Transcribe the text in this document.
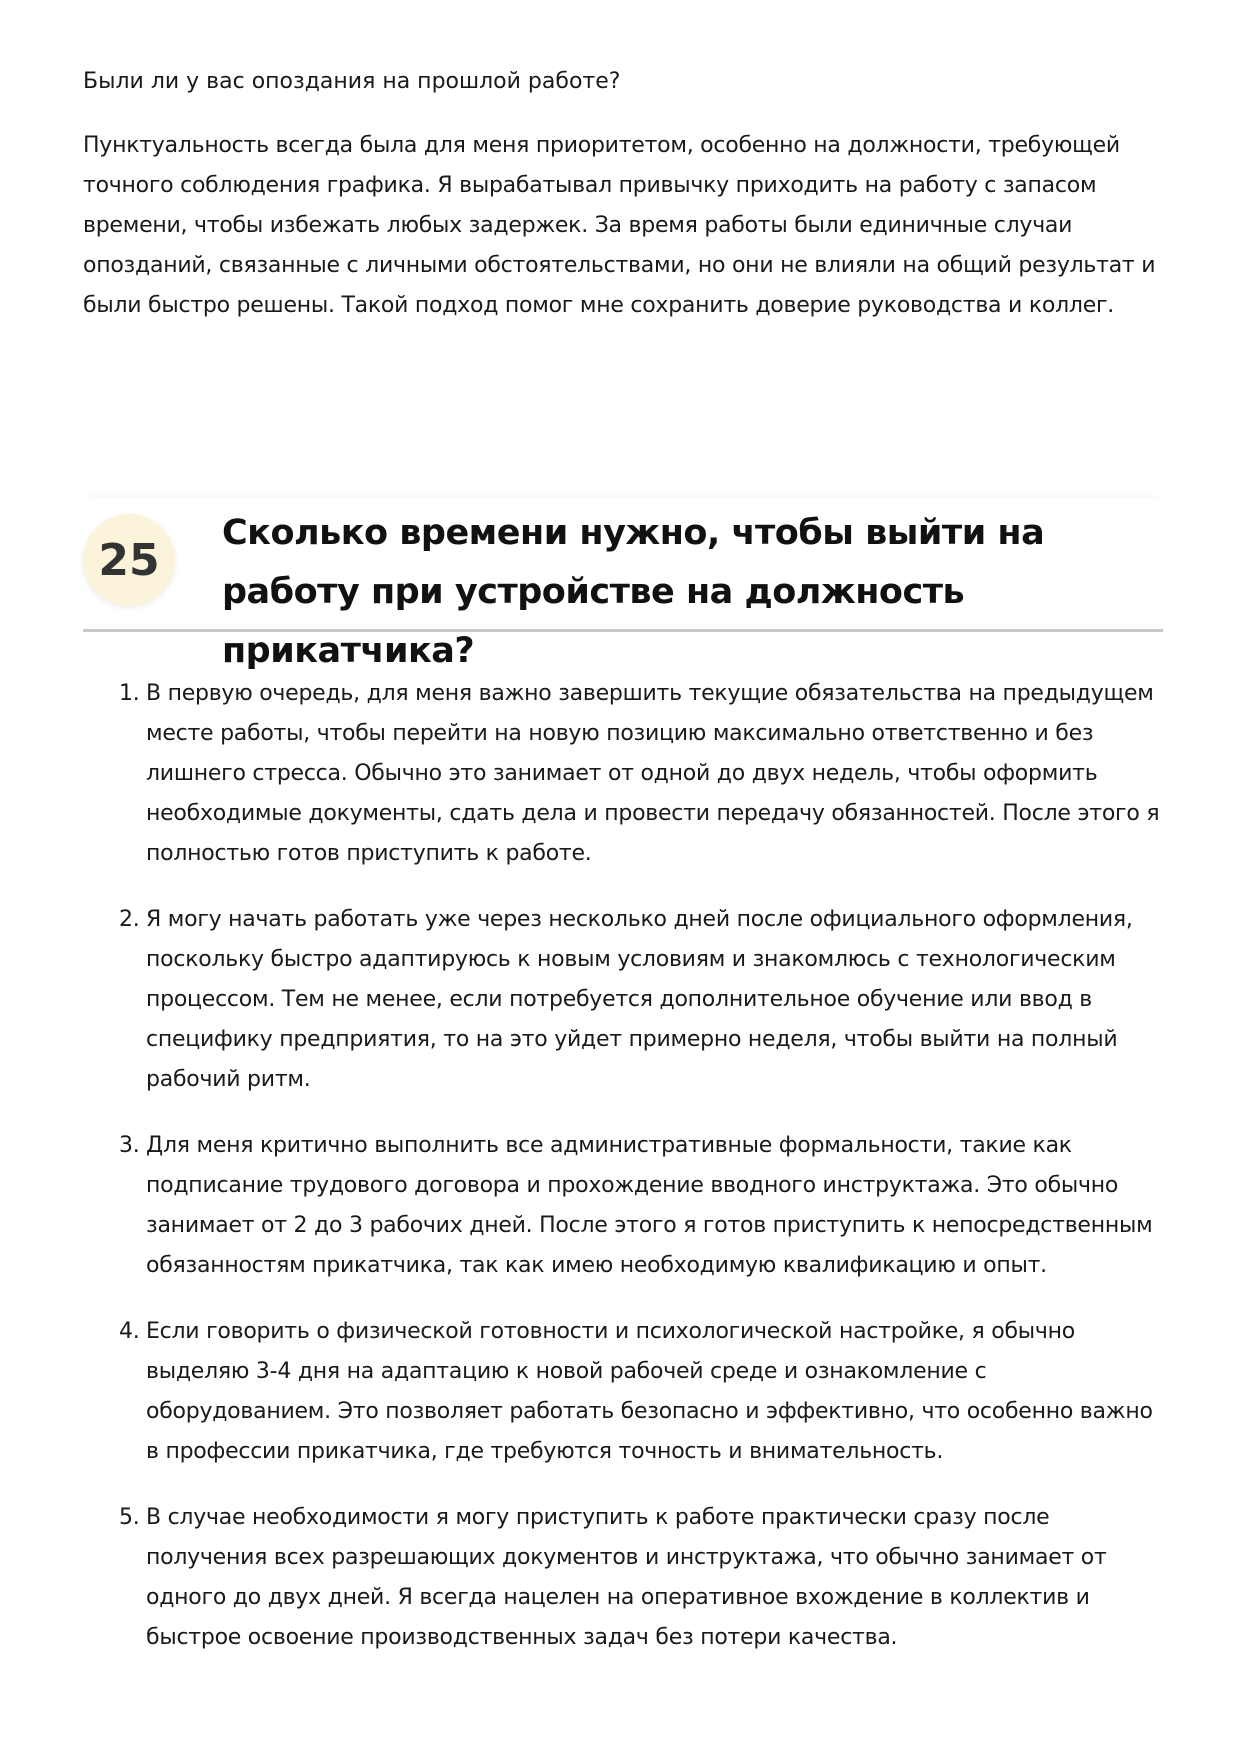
Были ли у вас опоздания на прошлой работе?

Пунктуальность всегда была для меня приоритетом, особенно на должности, требующей точного соблюдения графика. Я вырабатывал привычку приходить на работу с запасом времени, чтобы избежать любых задержек. За время работы были единичные случаи опозданий, связанные с личными обстоятельствами, но они не влияли на общий результат и были быстро решены. Такой подход помог мне сохранить доверие руководства и коллег.

25
Сколько времени нужно, чтобы выйти на работу при устройстве на должность прикатчика?
1. В первую очередь, для меня важно завершить текущие обязательства на предыдущем месте работы, чтобы перейти на новую позицию максимально ответственно и без лишнего стресса. Обычно это занимает от одной до двух недель, чтобы оформить необходимые документы, сдать дела и провести передачу обязанностей. После этого я полностью готов приступить к работе.
2. Я могу начать работать уже через несколько дней после официального оформления, поскольку быстро адаптируюсь к новым условиям и знакомлюсь с технологическим процессом. Тем не менее, если потребуется дополнительное обучение или ввод в специфику предприятия, то на это уйдет примерно неделя, чтобы выйти на полный рабочий ритм.
3. Для меня критично выполнить все административные формальности, такие как подписание трудового договора и прохождение вводного инструктажа. Это обычно занимает от 2 до 3 рабочих дней. После этого я готов приступить к непосредственным обязанностям прикатчика, так как имею необходимую квалификацию и опыт.
4. Если говорить о физической готовности и психологической настройке, я обычно выделяю 3-4 дня на адаптацию к новой рабочей среде и ознакомление с оборудованием. Это позволяет работать безопасно и эффективно, что особенно важно в профессии прикатчика, где требуются точность и внимательность.
5. В случае необходимости я могу приступить к работе практически сразу после получения всех разрешающих документов и инструктажа, что обычно занимает от одного до двух дней. Я всегда нацелен на оперативное вхождение в коллектив и быстрое освоение производственных задач без потери качества.
